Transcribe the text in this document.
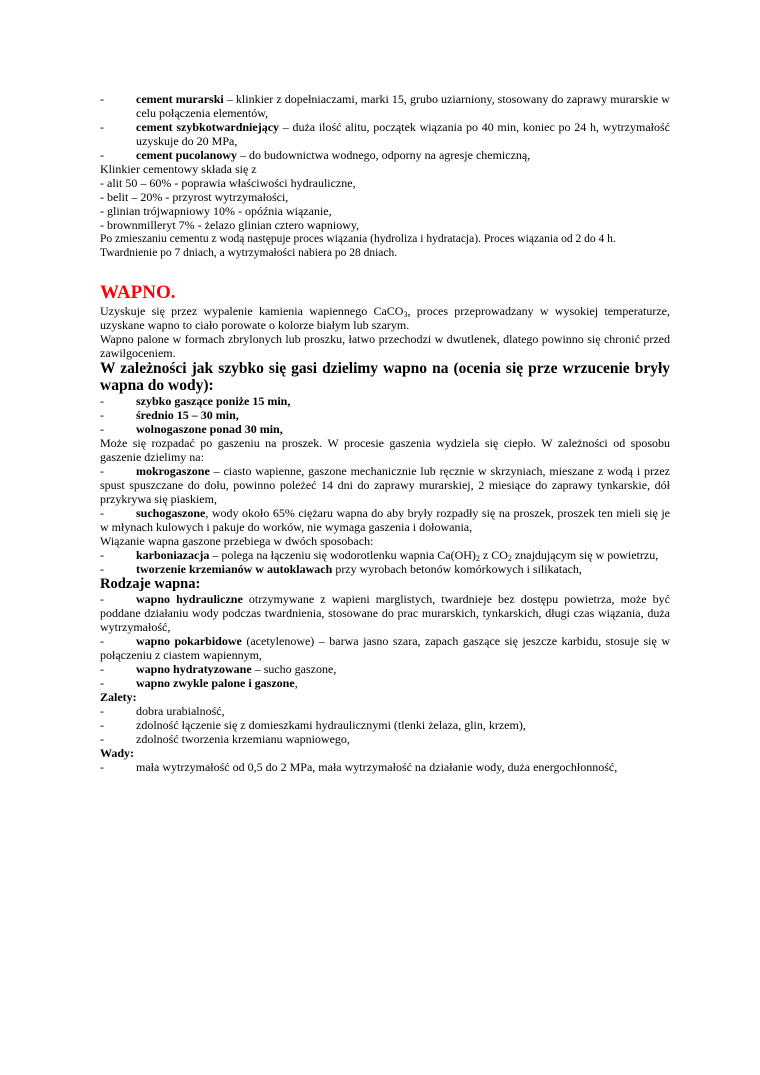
-	cement murarski – klinkier z dopełniaczami, marki 15, grubo uziarniony, stosowany do zaprawy murarskie w celu połączenia elementów,

-	cement szybkotwardniejący – duża ilość alitu, początek wiązania po 40 min, koniec po 24 h, wytrzymałość uzyskuje do 20 MPa,

-	cement pucolanowy – do budownictwa wodnego, odporny na agresje chemiczną,

Klinkier cementowy składa się z

- alit 50 – 60% - poprawia właściwości hydrauliczne,

- belit – 20% - przyrost wytrzymałości,

- glinian trójwapniowy 10% - opóźnia wiązanie,

- brownmilleryt 7% - żelazo glinian cztero wapniowy,

Po zmieszaniu cementu z wodą następuje proces wiązania (hydroliza i hydratacja). Proces wiązania od 2 do 4 h. Twardnienie po 7 dniach, a wytrzymałości nabiera po 28 dniach.

WAPNO.

Uzyskuje się przez wypalenie kamienia wapiennego CaCO$_3$, proces przeprowadzany w wysokiej temperaturze, uzyskane wapno to ciało porowate o kolorze białym lub szarym.

Wapno palone w formach zbrylonych lub proszku, łatwo przechodzi w dwutlenek, dlatego powinno się chronić przed zawilgoceniem.

W zależności jak szybko się gasi dzielimy wapno na (ocenia się prze wrzucenie bryły wapna do wody):

-	szybko gaszące poniże 15 min,

-	średnio 15 – 30 min,

-	wolnogaszone ponad 30 min,

Może się rozpadać po gaszeniu na proszek. W procesie gaszenia wydziela się ciepło. W zależności od sposobu gaszenie dzielimy na:

-	mokrogaszone – ciasto wapienne, gaszone mechanicznie lub ręcznie w skrzyniach, mieszane z wodą i przez spust spuszczane do dołu, powinno poleżeć 14 dni do zaprawy murarskiej, 2 miesiące do zaprawy tynkarskie, dół przykrywa się piaskiem,

-	suchogaszone, wody około 65% ciężaru wapna do aby bryły rozpadły się na proszek, proszek ten mieli się je w młynach kulowych i pakuje do worków, nie wymaga gaszenia i dołowania,

Wiązanie wapna gaszone przebiega w dwóch sposobach:

-	karboniazacja – polega na łączeniu się wodorotlenku wapnia $Ca(OH)_2$ z $CO_2$ znajdującym się w powietrzu,

-	tworzenie krzemianów w autoklawach przy wyrobach betonów komórkowych i silikatach,

Rodzaje wapna:

-	wapno hydrauliczne otrzymywane z wapieni marglistych, twardnieje bez dostępu powietrza, może być poddane działaniu wody podczas twardnienia, stosowane do prac murarskich, tynkarskich, długi czas wiązania, duża wytrzymałość,

-	wapno pokarbidowe (acetylenowe) – barwa jasno szara, zapach gaszące się jeszcze karbidu, stosuje się w połączeniu z ciastem wapiennym,

-	wapno hydratyzowane – sucho gaszone,

-	wapno zwykle palone i gaszone,

Zalety:

-	dobra urabialność,

-	zdolność łączenie się z domieszkami hydraulicznymi (tlenki żelaza, glin, krzem),

-	zdolność tworzenia krzemianu wapniowego,

Wady:

-	mała wytrzymałość od 0,5 do 2 MPa, mała wytrzymałość na działanie wody, duża energochłonność,
